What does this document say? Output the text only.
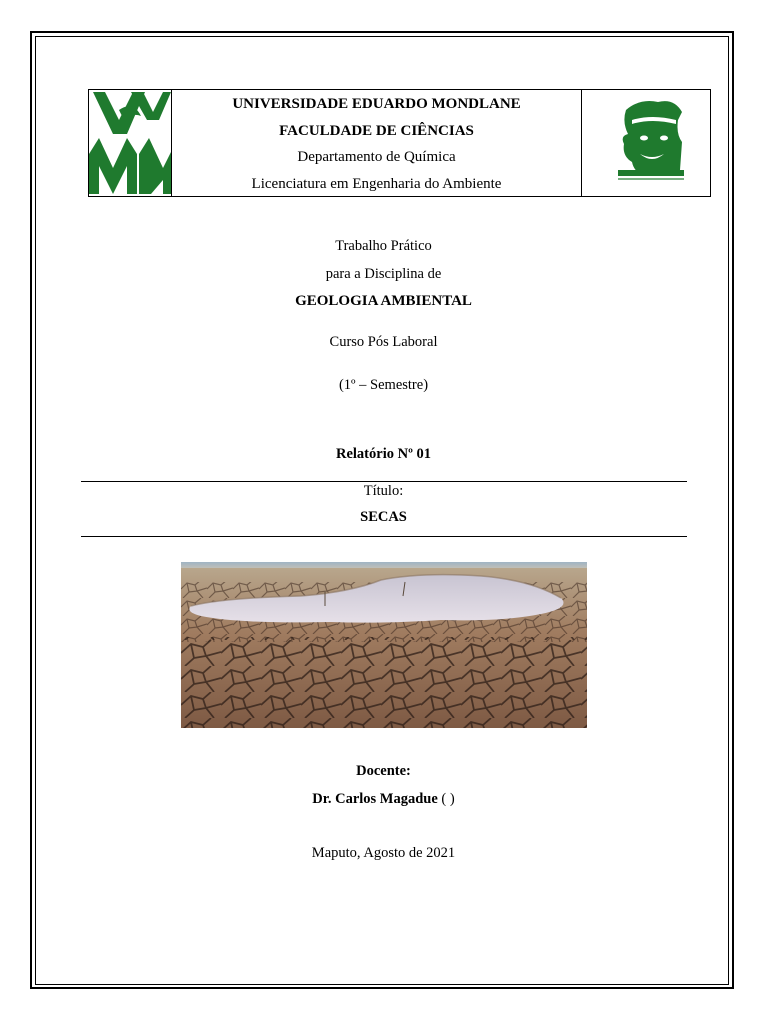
UNIVERSIDADE EDUARDO MONDLANE
FACULDADE DE CIÊNCIAS
Departamento de Química
Licenciatura em Engenharia do Ambiente
Trabalho Prático
para a Disciplina de
GEOLOGIA AMBIENTAL
Curso Pós Laboral
(1º – Semestre)
Relatório Nº 01
Título:
SECAS
Docente:
Dr. Carlos Magadue ( )
Maputo, Agosto de 2021
